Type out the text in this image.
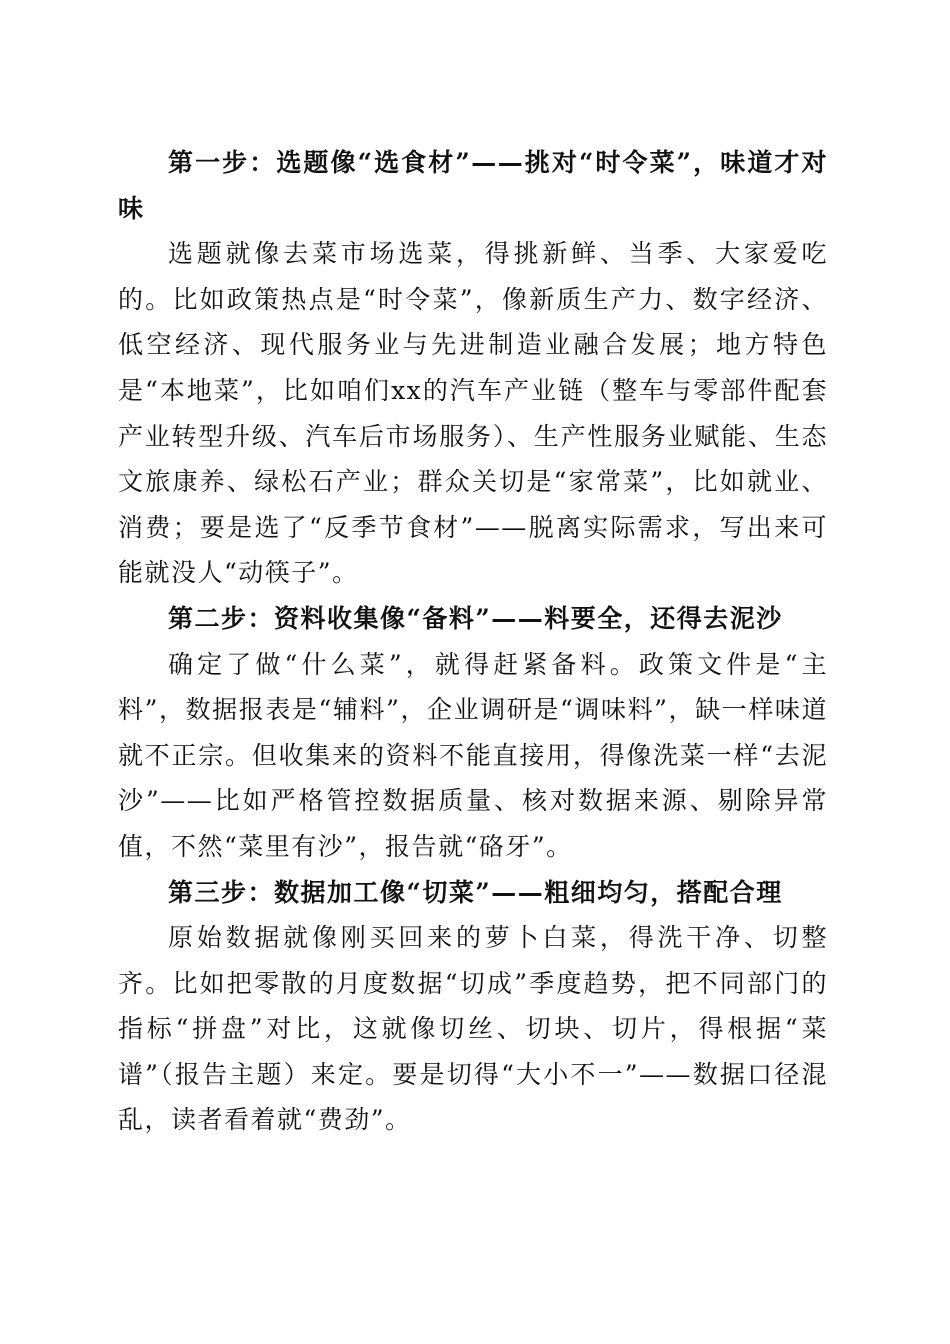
第一步：选题像“选食材”——挑对“时令菜”，味道才对味

选题就像去菜市场选菜，得挑新鲜、当季、大家爱吃的。比如政策热点是“时令菜”，像新质生产力、数字经济、低空经济、现代服务业与先进制造业融合发展；地方特色是“本地菜”，比如咱们xx的汽车产业链（整车与零部件配套产业转型升级、汽车后市场服务）、生产性服务业赋能、生态文旅康养、绿松石产业；群众关切是“家常菜”，比如就业、消费；要是选了“反季节食材”——脱离实际需求，写出来可能就没人“动筷子”。

第二步：资料收集像“备料”——料要全，还得去泥沙

确定了做“什么菜”，就得赶紧备料。政策文件是“主料”，数据报表是“辅料”，企业调研是“调味料”，缺一样味道就不正宗。但收集来的资料不能直接用，得像洗菜一样“去泥沙”——比如严格管控数据质量、核对数据来源、剔除异常值，不然“菜里有沙”，报告就“硌牙”。

第三步：数据加工像“切菜”——粗细均匀，搭配合理

原始数据就像刚买回来的萝卜白菜，得洗干净、切整齐。比如把零散的月度数据“切成”季度趋势，把不同部门的指标“拼盘”对比，这就像切丝、切块、切片，得根据“菜谱”（报告主题）来定。要是切得“大小不一”——数据口径混乱，读者看着就“费劲”。
